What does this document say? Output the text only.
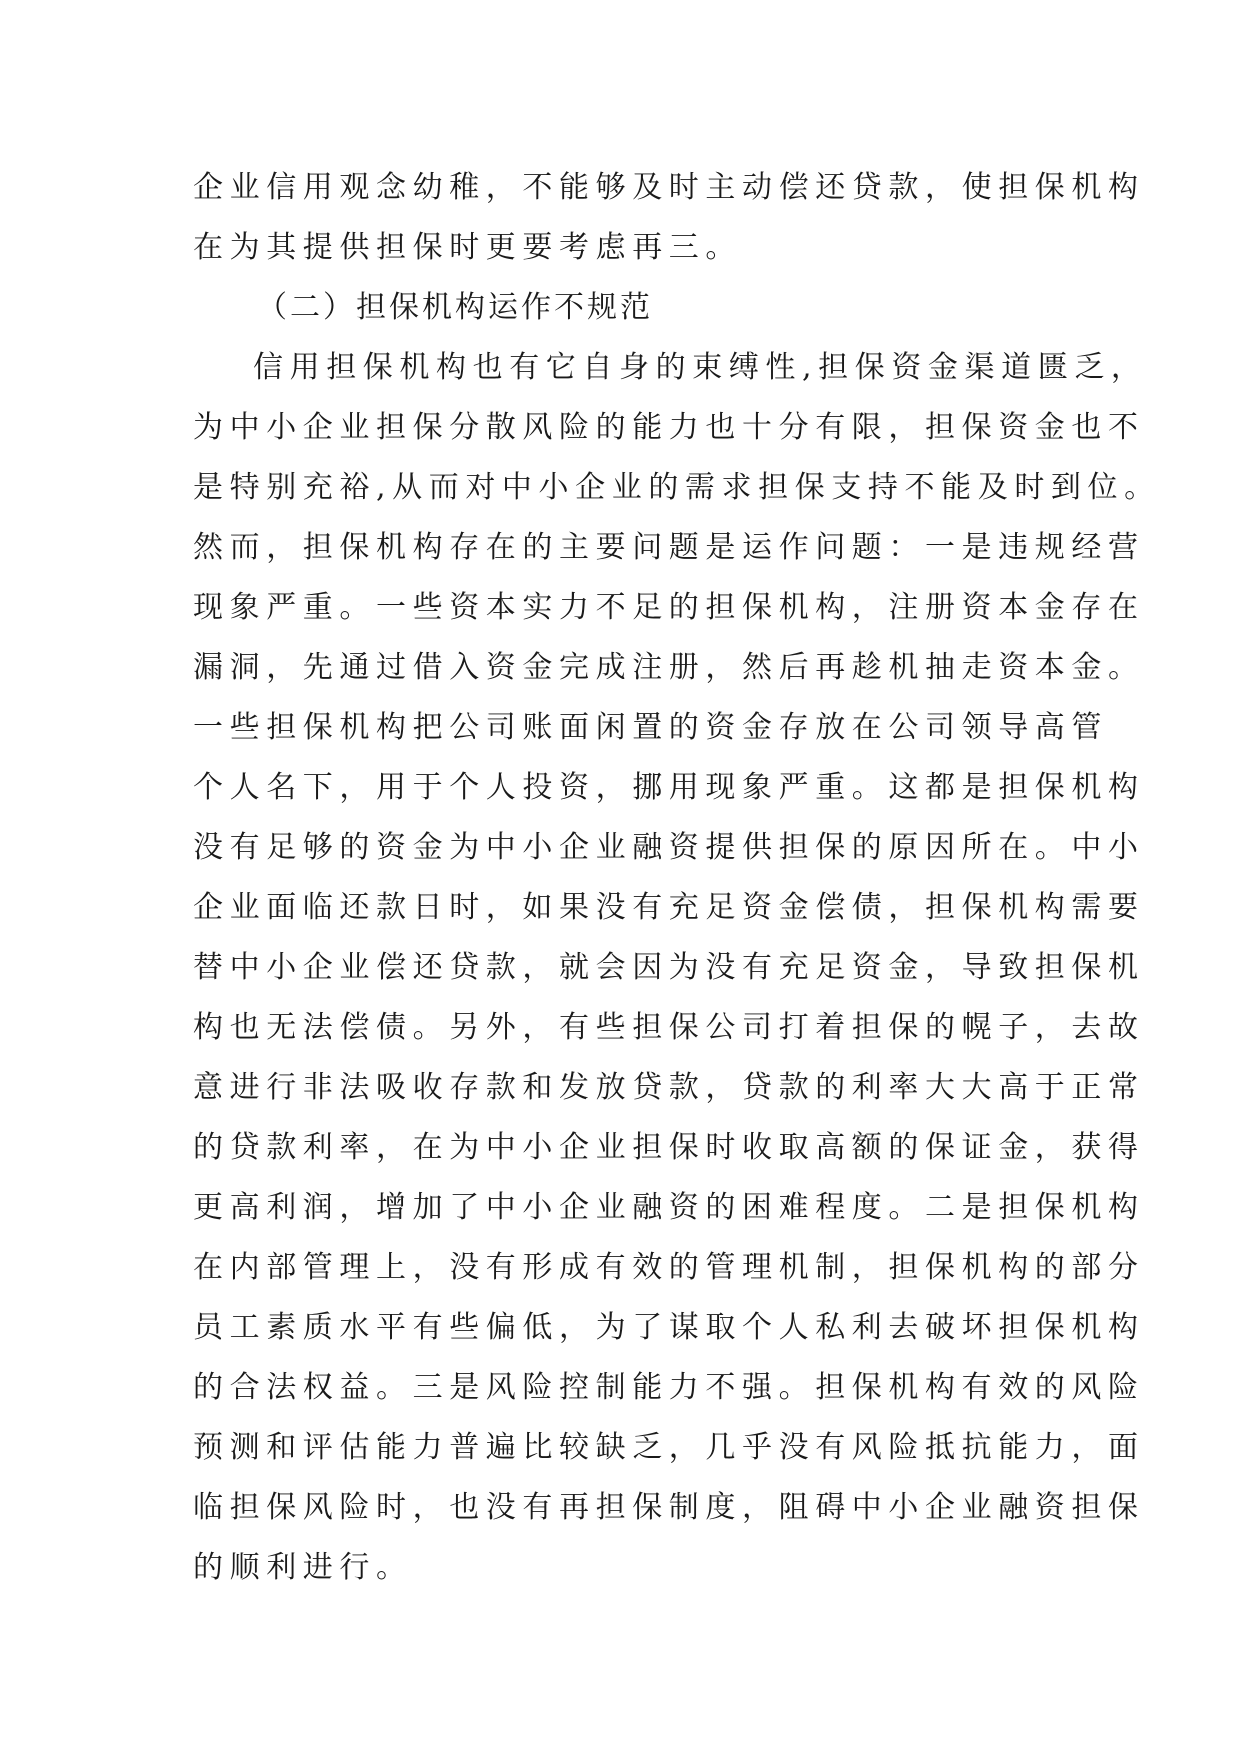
企业信用观念幼稚，不能够及时主动偿还贷款，使担保机构
在为其提供担保时更要考虑再三。
（二）担保机构运作不规范
信用担保机构也有它自身的束缚性,担保资金渠道匮乏，
为中小企业担保分散风险的能力也十分有限，担保资金也不
是特别充裕,从而对中小企业的需求担保支持不能及时到位。
然而，担保机构存在的主要问题是运作问题：一是违规经营
现象严重。一些资本实力不足的担保机构，注册资本金存在
漏洞，先通过借入资金完成注册，然后再趁机抽走资本金。
一些担保机构把公司账面闲置的资金存放在公司领导高管
个人名下，用于个人投资，挪用现象严重。这都是担保机构
没有足够的资金为中小企业融资提供担保的原因所在。中小
企业面临还款日时，如果没有充足资金偿债，担保机构需要
替中小企业偿还贷款，就会因为没有充足资金，导致担保机
构也无法偿债。另外，有些担保公司打着担保的幌子，去故
意进行非法吸收存款和发放贷款，贷款的利率大大高于正常
的贷款利率，在为中小企业担保时收取高额的保证金，获得
更高利润，增加了中小企业融资的困难程度。二是担保机构
在内部管理上，没有形成有效的管理机制，担保机构的部分
员工素质水平有些偏低，为了谋取个人私利去破坏担保机构
的合法权益。三是风险控制能力不强。担保机构有效的风险
预测和评估能力普遍比较缺乏，几乎没有风险抵抗能力，面
临担保风险时，也没有再担保制度，阻碍中小企业融资担保
的顺利进行。
